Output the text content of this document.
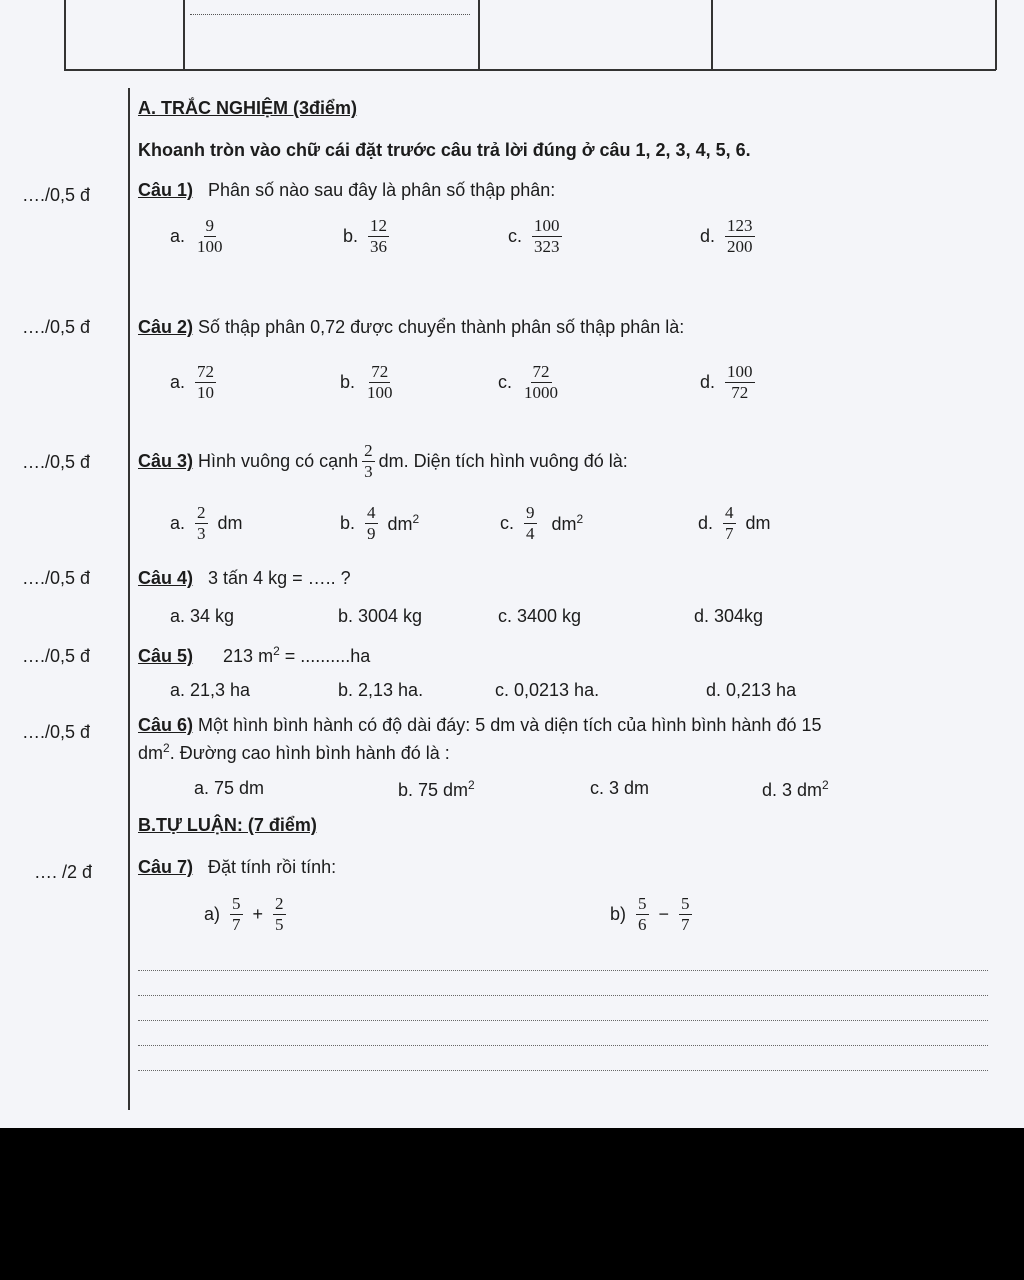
A. TRẮC NGHIỆM (3điểm)
Khoanh tròn vào chữ cái đặt trước câu trả lời đúng ở câu 1, 2, 3, 4, 5, 6.
…./0,5 đ	Câu 1) Phân số nào sau đây là phân số thập phân:
a. $\frac{9}{100}$	b. $\frac{12}{36}$	c. $\frac{100}{323}$	d. $\frac{123}{200}$
…./0,5 đ	Câu 2) Số thập phân 0,72 được chuyển thành phân số thập phân là:
a. $\frac{72}{10}$	b. $\frac{72}{100}$	c. $\frac{72}{1000}$	d. $\frac{100}{72}$
…./0,5 đ	Câu 3)
Hình vuông có cạnh $\frac{2}{3}$ dm. Diện tích hình vuông đó là:
a. $\frac{2}{3}$ dm	b. $\frac{4}{9} dm^2$	c. $\frac{9}{4} dm^2$	d. $\frac{4}{7}$ dm
…./0,5 đ	Câu 4) 3 tấn 4 kg = ….. ?
a. 34 kg	b. 3004 kg	c. 3400 kg	d. 304kg
…./0,5 đ	Câu 5) 213 $m^2 = ..........ha$
a. 21,3 ha	b. 2,13 ha.	c. 0,0213 ha.	d. 0,213 ha
…./0,5 đ	Câu 6) Một hình bình hành có độ dài đáy: 5 dm và diện tích của hình bình hành đó 15
$dm^2$. Đường cao hình bình hành đó là :
a. 75 dm	b. 75 $dm^2$	c. 3 dm	d. 3 $dm^2$
B.TỰ LUẬN: (7 điểm)
…. /2 đ	Câu 7) Đặt tính rồi tính:
$a) \frac{5}{7} + \frac{2}{5}$	$b) \frac{5}{6} - \frac{5}{7}$
